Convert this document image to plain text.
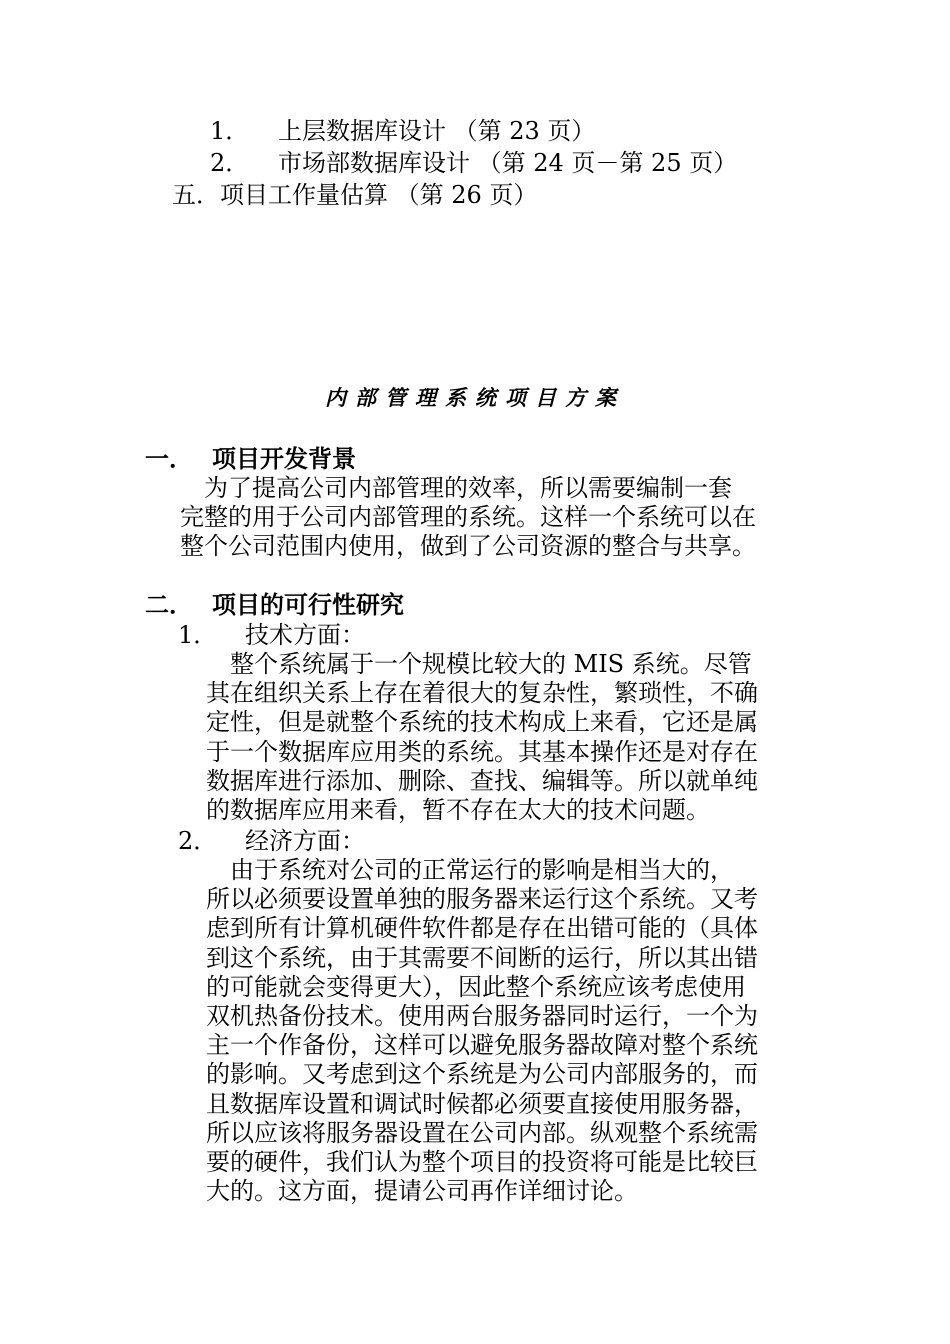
1． 上层数据库设计 （第 23 页）
2． 市场部数据库设计 （第 24 页－第 25 页）
五．项目工作量估算 （第 26 页）
内部管理系统项目方案
一． 项目开发背景
　为了提高公司内部管理的效率，所以需要编制一套
完整的用于公司内部管理的系统。这样一个系统可以在
整个公司范围内使用，做到了公司资源的整合与共享。
二． 项目的可行性研究
1． 技术方面：
　整个系统属于一个规模比较大的 MIS 系统。尽管
其在组织关系上存在着很大的复杂性，繁琐性，不确
定性，但是就整个系统的技术构成上来看，它还是属
于一个数据库应用类的系统。其基本操作还是对存在
数据库进行添加、删除、查找、编辑等。所以就单纯
的数据库应用来看，暂不存在太大的技术问题。
2． 经济方面：
　由于系统对公司的正常运行的影响是相当大的，
所以必须要设置单独的服务器来运行这个系统。又考
虑到所有计算机硬件软件都是存在出错可能的（具体
到这个系统，由于其需要不间断的运行，所以其出错
的可能就会变得更大），因此整个系统应该考虑使用
双机热备份技术。使用两台服务器同时运行，一个为
主一个作备份，这样可以避免服务器故障对整个系统
的影响。又考虑到这个系统是为公司内部服务的，而
且数据库设置和调试时候都必须要直接使用服务器，
所以应该将服务器设置在公司内部。纵观整个系统需
要的硬件，我们认为整个项目的投资将可能是比较巨
大的。这方面，提请公司再作详细讨论。
